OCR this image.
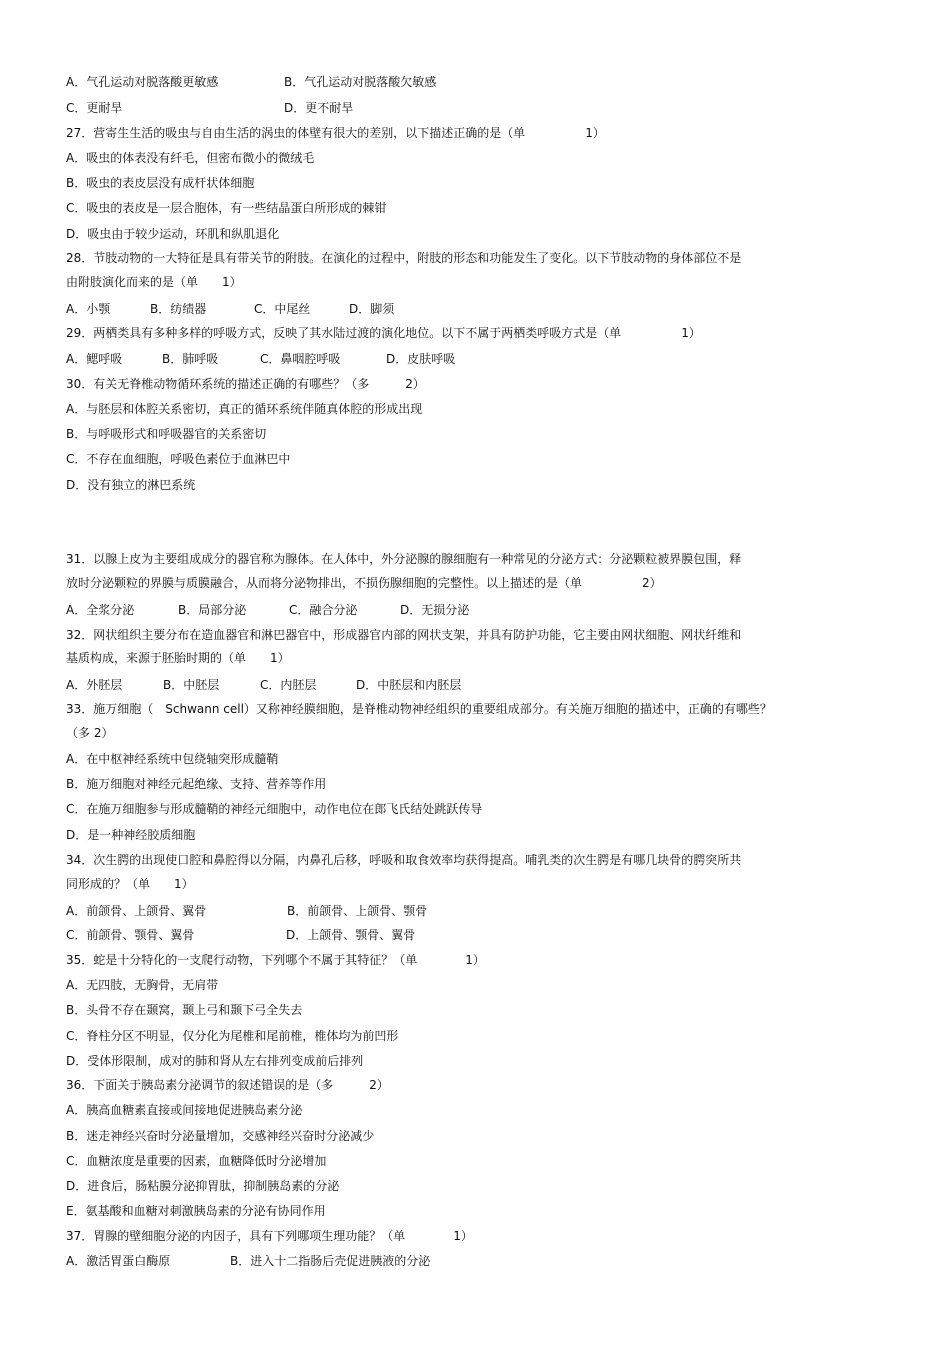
A．气孔运动对脱落酸更敏感	B．气孔运动对脱落酸欠敏感
C．更耐旱	D．更不耐旱
27．营寄生生活的吸虫与自由生活的涡虫的体壁有很大的差别，以下描述正确的是（单　　　　　1）
A．吸虫的体表没有纤毛，但密布微小的微绒毛
B．吸虫的表皮层没有成杆状体细胞
C．吸虫的表皮是一层合胞体，有一些结晶蛋白所形成的棘钳
D．吸虫由于较少运动，环肌和纵肌退化
28．节肢动物的一大特征是具有带关节的附肢。在演化的过程中，附肢的形态和功能发生了变化。以下节肢动物的身体部位不是
由附肢演化而来的是（单　　1）
A．小颚	B．纺绩器	C．中尾丝	D．脚须
29．两栖类具有多种多样的呼吸方式，反映了其水陆过渡的演化地位。以下不属于两栖类呼吸方式是（单　　　　　1）
A．鳃呼吸	B．肺呼吸	C．鼻咽腔呼吸	D．皮肤呼吸
30．有关无脊椎动物循环系统的描述正确的有哪些？（多　　　2）
A．与胚层和体腔关系密切，真正的循环系统伴随真体腔的形成出现
B．与呼吸形式和呼吸器官的关系密切
C．不存在血细胞，呼吸色素位于血淋巴中
D．没有独立的淋巴系统
31．以腺上皮为主要组成成分的器官称为腺体。在人体中，外分泌腺的腺细胞有一种常见的分泌方式：分泌颗粒被界膜包围，释
放时分泌颗粒的界膜与质膜融合，从而将分泌物排出，不损伤腺细胞的完整性。以上描述的是（单　　　　　2）
A．全浆分泌	B．局部分泌	C．融合分泌	D．无损分泌
32．网状组织主要分布在造血器官和淋巴器官中，形成器官内部的网状支架，并具有防护功能，它主要由网状细胞、网状纤维和
基质构成，来源于胚胎时期的（单　　1）
A．外胚层	B．中胚层	C．内胚层	D．中胚层和内胚层
33．施万细胞（　Schwann cell）又称神经膜细胞，是脊椎动物神经组织的重要组成部分。有关施万细胞的描述中，正确的有哪些？
（多 2）
A．在中枢神经系统中包绕轴突形成髓鞘
B．施万细胞对神经元起绝缘、支持、营养等作用
C．在施万细胞参与形成髓鞘的神经元细胞中，动作电位在郎飞氏结处跳跃传导
D．是一种神经胶质细胞
34．次生腭的出现使口腔和鼻腔得以分隔，内鼻孔后移，呼吸和取食效率均获得提高。哺乳类的次生腭是有哪几块骨的腭突所共
同形成的？（单　　1）
A．前颌骨、上颌骨、翼骨	B．前颌骨、上颌骨、颚骨
C．前颌骨、颚骨、翼骨	D．上颌骨、颚骨、翼骨
35．蛇是十分特化的一支爬行动物，下列哪个不属于其特征？（单　　　　1）
A．无四肢，无胸骨，无肩带
B．头骨不存在颞窝，颞上弓和颞下弓全失去
C．脊柱分区不明显，仅分化为尾椎和尾前椎，椎体均为前凹形
D．受体形限制，成对的肺和肾从左右排列变成前后排列
36．下面关于胰岛素分泌调节的叙述错误的是（多　　　2）
A．胰高血糖素直接或间接地促进胰岛素分泌
B．迷走神经兴奋时分泌量增加，交感神经兴奋时分泌减少
C．血糖浓度是重要的因素，血糖降低时分泌增加
D．进食后，肠粘膜分泌抑胃肽，抑制胰岛素的分泌
E．氨基酸和血糖对刺激胰岛素的分泌有协同作用
37．胃腺的壁细胞分泌的内因子，具有下列哪项生理功能？（单　　　　1）
A．激活胃蛋白酶原	B．进入十二指肠后壳促进胰液的分泌
